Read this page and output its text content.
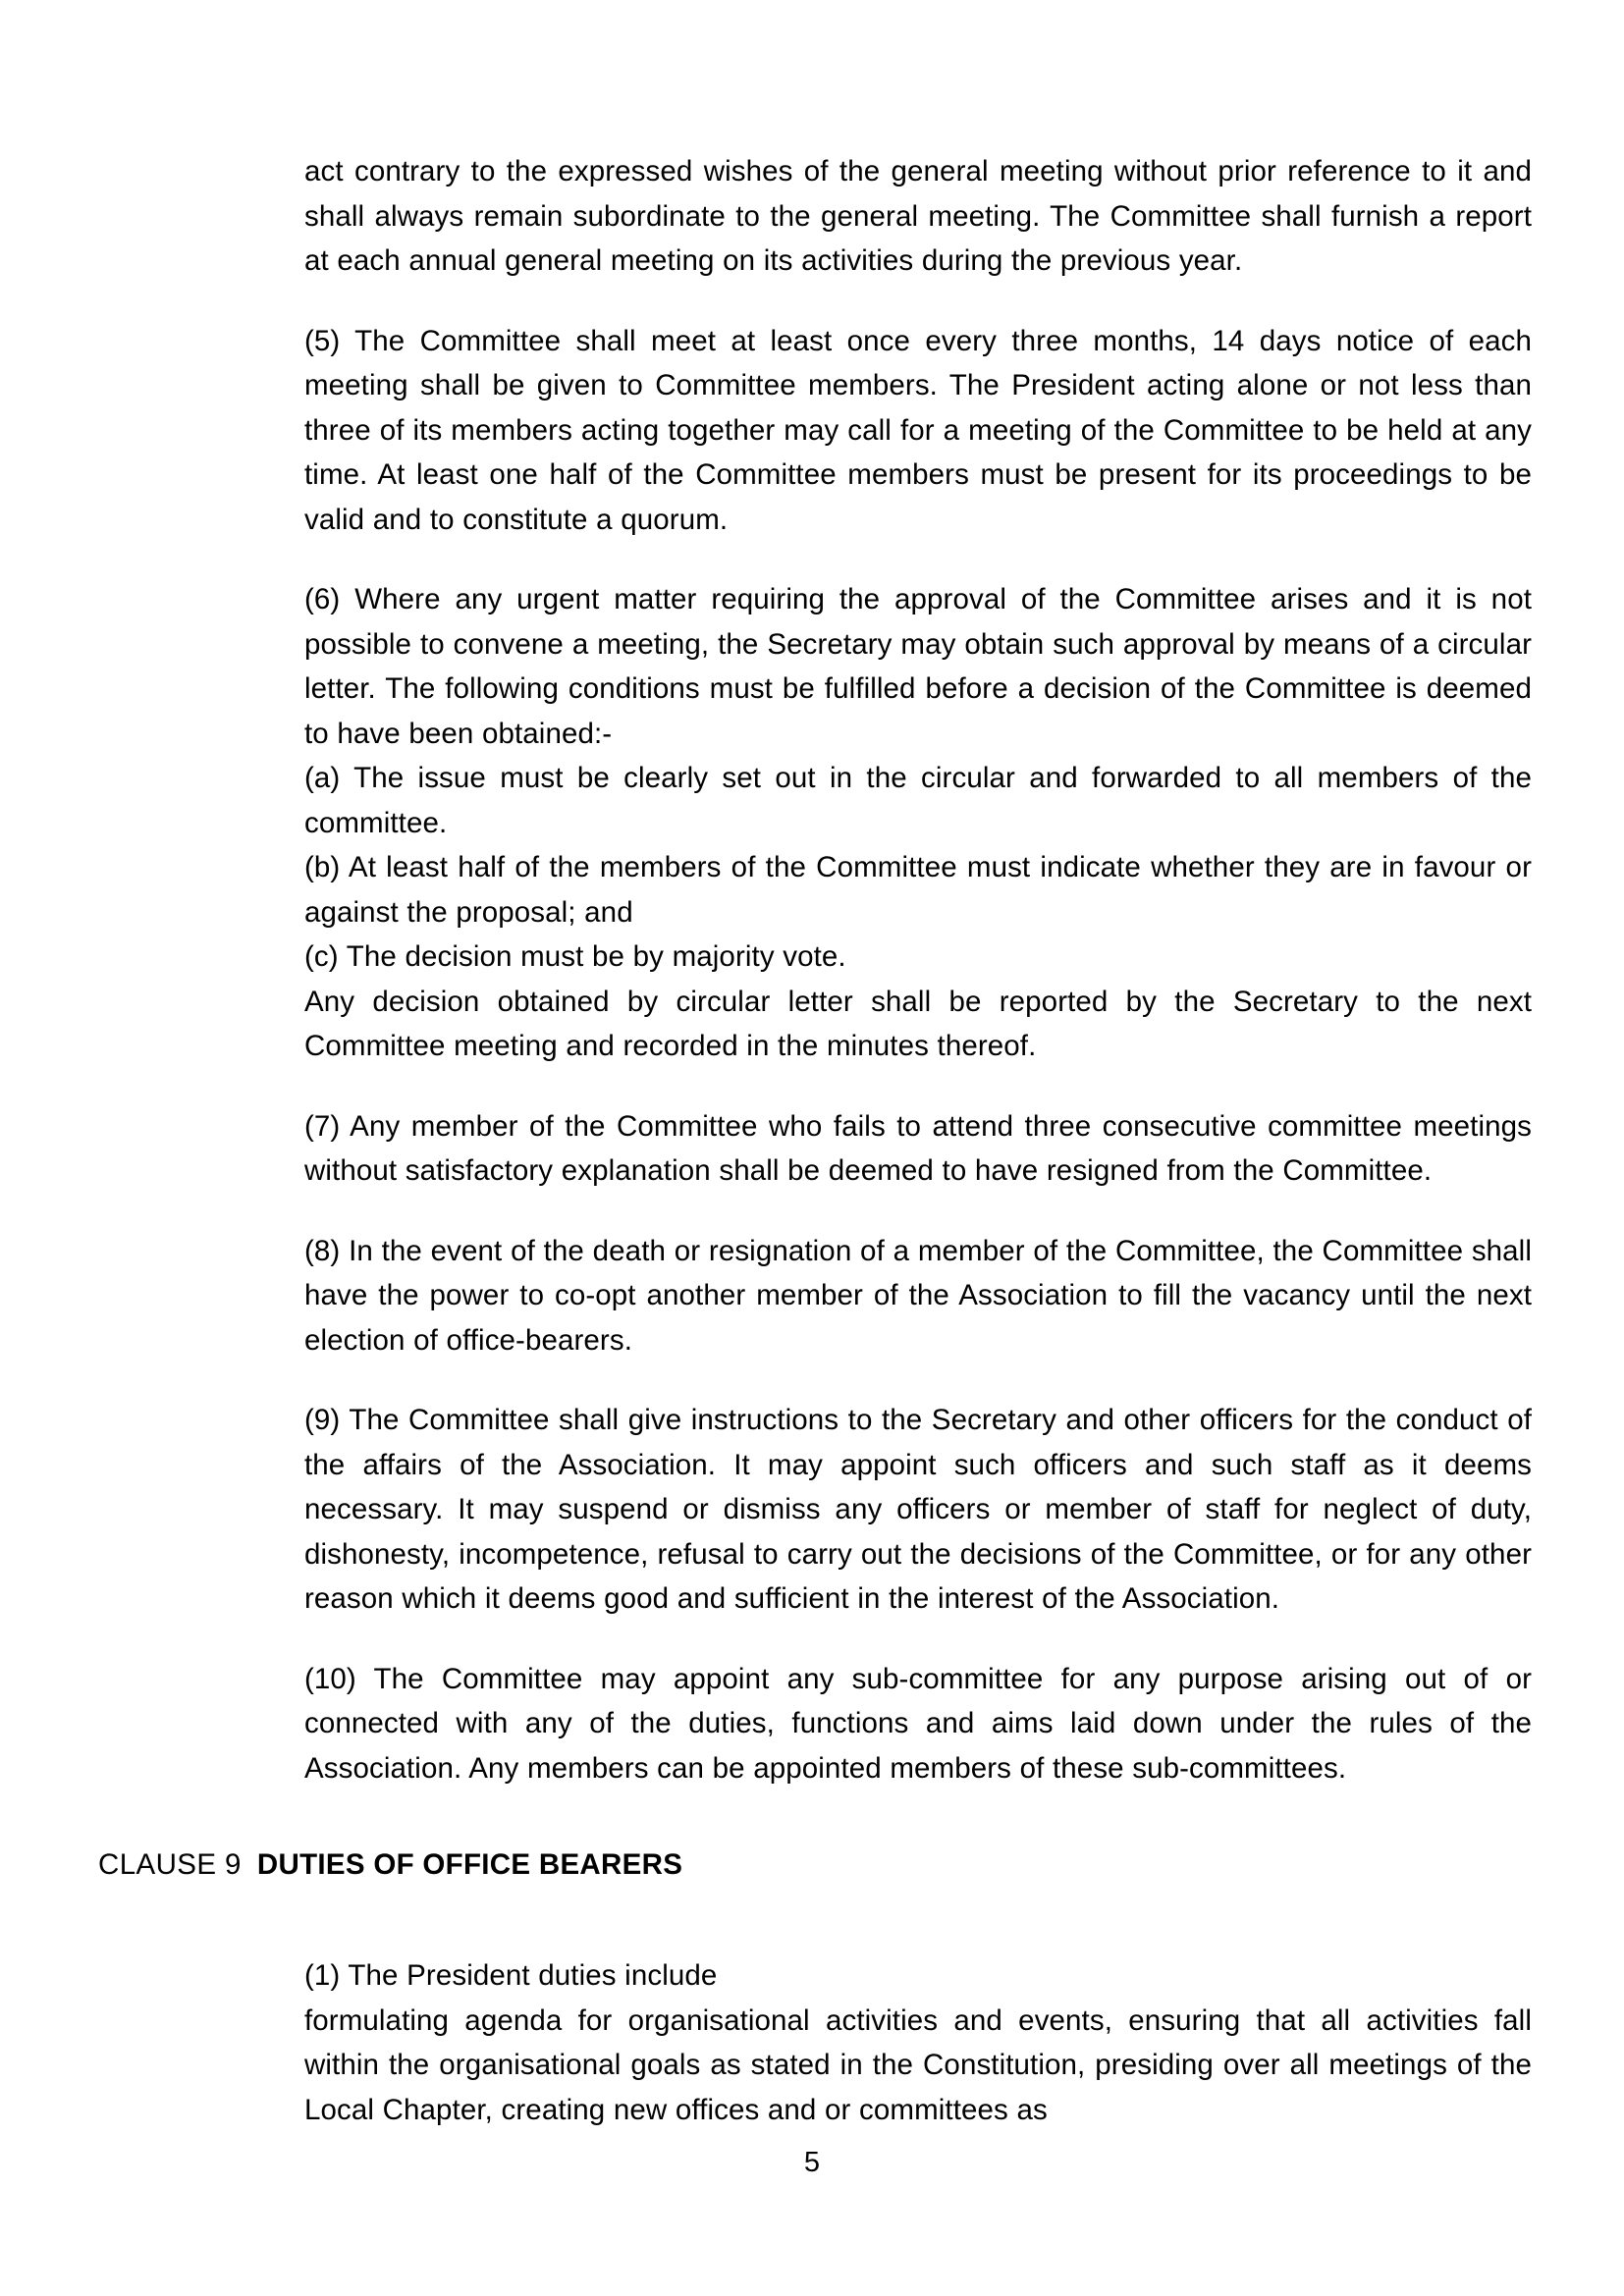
act contrary to the expressed wishes of the general meeting without prior reference to it and shall always remain subordinate to the general meeting. The Committee shall furnish a report at each annual general meeting on its activities during the previous year.

(5) The Committee shall meet at least once every three months, 14 days notice of each meeting shall be given to Committee members. The President acting alone or not less than three of its members acting together may call for a meeting of the Committee to be held at any time. At least one half of the Committee members must be present for its proceedings to be valid and to constitute a quorum.

(6) Where any urgent matter requiring the approval of the Committee arises and it is not possible to convene a meeting, the Secretary may obtain such approval by means of a circular letter. The following conditions must be fulfilled before a decision of the Committee is deemed to have been obtained:-

(a) The issue must be clearly set out in the circular and forwarded to all members of the committee.

(b) At least half of the members of the Committee must indicate whether they are in favour or against the proposal; and

(c) The decision must be by majority vote.

Any decision obtained by circular letter shall be reported by the Secretary to the next Committee meeting and recorded in the minutes thereof.

(7) Any member of the Committee who fails to attend three consecutive committee meetings without satisfactory explanation shall be deemed to have resigned from the Committee.

(8) In the event of the death or resignation of a member of the Committee, the Committee shall have the power to co-opt another member of the Association to fill the vacancy until the next election of office-bearers.

(9) The Committee shall give instructions to the Secretary and other officers for the conduct of the affairs of the Association. It may appoint such officers and such staff as it deems necessary. It may suspend or dismiss any officers or member of staff for neglect of duty, dishonesty, incompetence, refusal to carry out the decisions of the Committee, or for any other reason which it deems good and sufficient in the interest of the Association.

(10) The Committee may appoint any sub-committee for any purpose arising out of or connected with any of the duties, functions and aims laid down under the rules of the Association. Any members can be appointed members of these sub-committees.

CLAUSE 9 DUTIES OF OFFICE BEARERS

(1) The President duties include

formulating agenda for organisational activities and events, ensuring that all activities fall within the organisational goals as stated in the Constitution, presiding over all meetings of the Local Chapter, creating new offices and or committees as

5
